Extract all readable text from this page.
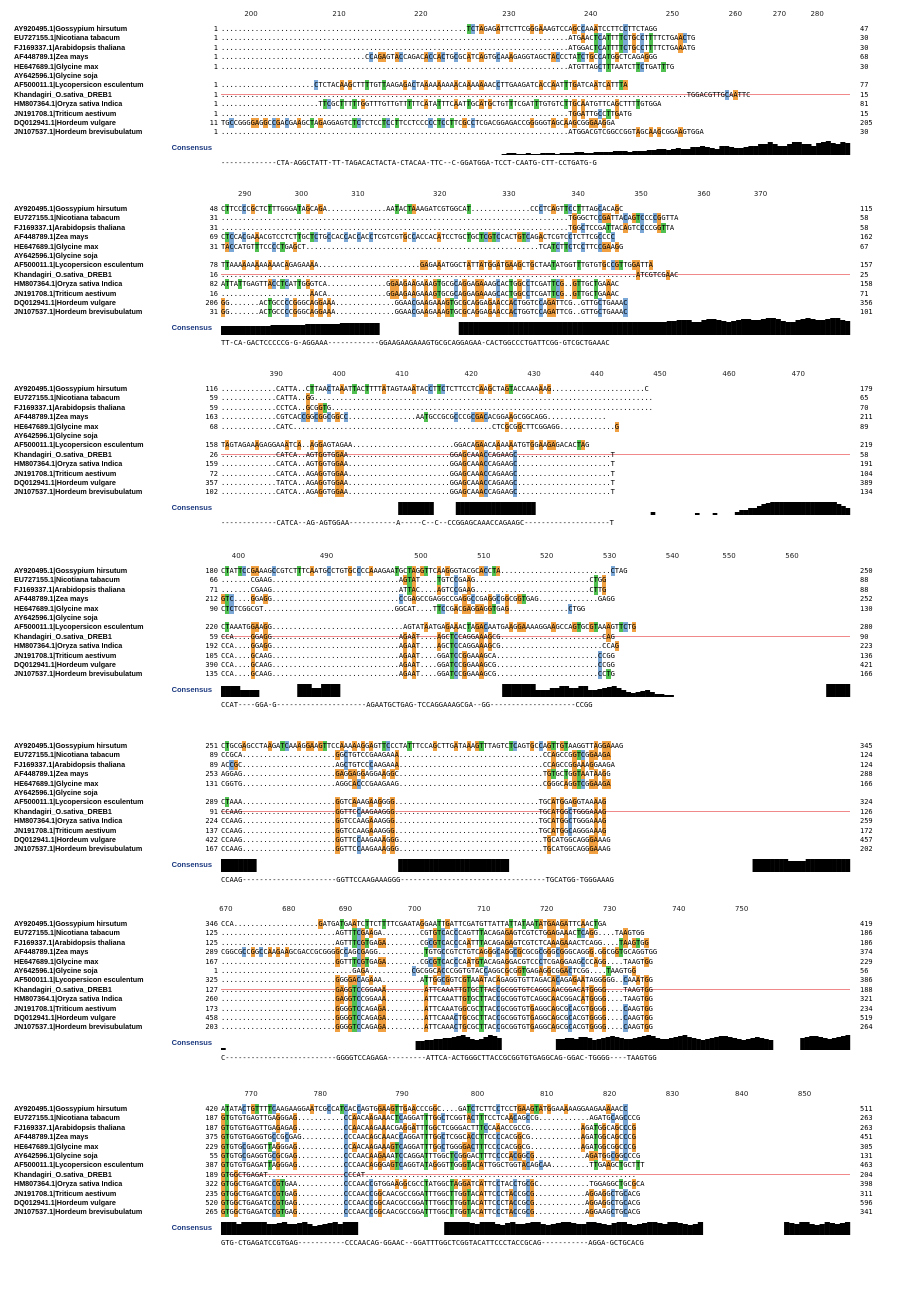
200	210	220	230	240	250	260	270	280
AY920495.1|Gossypium hirsutum	1 ..........................................................TCTAGAGATTCTTCGGGAAAGTCCAGCCAAATCCTTCCTTCTAGG	47
EU727155.1|Nicotiana tabacum	1 ..................................................................................ATGAACTCATTTTCTGCCTTTTCTGAACTG	30
FJ169337.1|Arabidopsis thaliana	1 ..................................................................................ATGGACTCATTTTCTGCCTTTTCTGAAATG	30
AF448789.1|Zea mays	1 ..................................CCAGAGTACCAGACACCACTGCGCATCAGTGCAAAGAGGTAGCTACCCTATCTGCCATGGCTCAGAGGG	68
HE647689.1|Glycine max	1 ..................................................................................ATGTTAGCTTTAATCTTCTGATTTG	30
AY642596.1|Glycine soja
AF500011.1|Lycopersicon esculentum	1 ......................CTCTACAAGCTTTTGTTAAGAGACTAAAAAAAAACAAAAAAACCTTGAAGATCACCAATTTGATCAATCATTTA	77
Khandagiri_O.sativa_DREB1	1 ..............................................................................................................TGGACGTTGCAATTC	15
HM807364.1|Oryza sativa Indica	1 .......................TTCGCTTTTTGGTTTGTTGTTTTTCATATTTCAATTGCATGCTGTTTCGATTTGTGTCTTGCAATGTTCAGCTTTTGTGGA	81
JN191708.1|Triticum aestivum	1 ..................................................................................TGGATTGCCTTGATG	15
DQ012941.1|Hordeum vulgare	11 TGCCGGGGAGGCCGACGAAGCTAGAGGAGTCTCTCTCCTCCTTCCTCCCCCTCCTTCGCCTCGACGGAGACCGGGGGTAGCAAGCGGGAAGGA	205
JN107537.1|Hordeum brevisubulatum	1 ..................................................................................ATGGACGTCGGCCGGTAGCAAGCGGAAGTGGA	30
Consensus
-------------CTA-AGGCTATT-TT-TAGACACTACTA-CTACAA-TTC--C-GGATGGA-TCCT-CAATG-CTT-CCTGATG-G
290	300	310	320	330	340	350	360	370
AY920495.1|Gossypium hirsutum	48 CTTCCCCGCTCTTTGGGATAGCAGA..............AATACTAAAGATCGTGGCAT..............CCCTCAGTTCCTTTAGCACAGC	115
EU727155.1|Nicotiana tabacum	31 ..................................................................................TGGGCTCCGATTACAGTCCCCGGTTA	58
FJ169337.1|Arabidopsis thaliana	31 ..................................................................................TGGCTCCGATTACAGTCCCCGGTTA	58
AF448789.1|Zea mays	69 CTCCACGAAACGTCCTCTTGCTCTGCCACCACCACCTCGTCGTGCCACCACATCCTGCTGCTCGTCCACTGTCAGACTCGTCCTCTTCGCCCC	162
HE647689.1|Glycine max	31 TACCATGTTTCCCCTGAGCT.......................................................TCATCTTCTCCTTCCGAAGG	67
AY642596.1|Glycine soja
AF500011.1|Lycopersicon esculentum	78 TTAAAAAAAAAAAACAGAGAAAA........................GAGAAATGGCTATTATGGATGAAGCTGCTAATATGGTTTGTGTGCCGTTGGATTA	157
Khandagiri_O.sativa_DREB1	16 ..................................................................................................ATCGTCGAAC	25
HM807364.1|Oryza sativa Indica	82 ATTATTGAGTTACCTCATTGGGTCA..............GGAAGAAGAAAGTGCGCAGGAGAAAGCACTGGCCTCGATTCG..GTTGCTGAAAC	158
JN191708.1|Triticum aestivum	16 .....................AACA..............GGAAGAAGAAAGTGCGCAGGAGAAAGCACTGGCCTCGATTCG..GTTGCTGAAAC	71
DQ012941.1|Hordeum vulgare	206 GG.......ACTGCCCCGGGCAGGAAA..............GGAACGAAGAAAGTGCGCAGGAGAACCACTGGTCCAGATTCG..GTTGCTGAAAC	356
JN107537.1|Hordeum brevisubulatum	31 GG.......ACTGCCCCGGGCAGGAAA..............GGAACGAAGAAAGTGCGCAGGAGAACCACTGGTCCAGATTCG..GTTGCTGAAAC	101
Consensus
TT-CA-GACTCCCCCG-G-AGGAAA------------GGAAGAAGAAAGTGCGCAGGAGAA-CACTGGCCCTGATTCGG-GTCGCTGAAAC
390	400	410	420	430	440	450	460	470
AY920495.1|Gossypium hirsutum	116 .............CATTA..CTTAACTAAATTACTTTTATAGTAAATACCTTCTCTTCCTCAAGCTAGTACCAAAAAG......................C	179
EU727155.1|Nicotiana tabacum	59 .............CATTA..GG................................................................................	65
FJ169337.1|Arabidopsis thaliana	59 .............CCTCA..GCGGTG............................................................................	70
AF448789.1|Zea mays	163 .............CGTCACCGGCGGCGGCC................AATGCCGCGCCCGCGACACGGAAGCGGCAGG..............	211
HE647689.1|Glycine max	68 .............CATC...............................................CTCGCGGCTTCGGAGG.............G	89
AY642596.1|Glycine soja
AF500011.1|Lycopersicon esculentum	158 TAGTAGAAAGAGGAAATCA..AGGAGTAGAA........................GGACAGAACAAAAAATGTGGAAGAGACACTAG	219
Khandagiri_O.sativa_DREB1	26 .............CATCA..AGTGGTGGAA........................GGAGCAAACCAGAAGC......................T	58
HM807364.1|Oryza sativa Indica	159 .............CATCA..AGTGGTGGAA........................GGAGCAAACCAGAAGC......................T	191
JN191708.1|Triticum aestivum	72 .............CATCA..AGAGGTGGAA........................GGAGCAAACCAGAAGC......................T	104
DQ012941.1|Hordeum vulgare	357 .............TATCA..AGAGGTGGAA........................GGAGCAAACCAGAAGC......................T	389
JN107537.1|Hordeum brevisubulatum	102 .............CATCA..AGAGGTGGAA........................GGAGCAAACCAGAAGC......................T	134
Consensus
-------------CATCA--AG-AGTGGAA-----------A-----C--C--CCGGAGCAAACCAGAAGC--------------------T
400	490	500	510	520	530	540	550	560
AY920495.1|Gossypium hirsutum	180 CTATTCCGAAAGCCGTCTTTCAATGCCTGTGCCCCAAAGAATGCTAGGTTCAAGGGTACGCACCTA..........................CTAG	250
EU727155.1|Nicotiana tabacum	66 .......CGAAG..............................AGTAT....TGTCCGAAG...........................CTGG	88
FJ169337.1|Arabidopsis thaliana	71 .......CGAAG..............................ATTAC....AGTCCGAAG...........................CTTG	88
AF448789.1|Zea mays	212 GTC....GGAGG..............................CCGAGCCGAGGCCGAGGCCGAGGCGGCGGTGAG..............GAGG	252
HE647689.1|Glycine max	90 CTCTCGGCGT...............................GGCAT....TTCCGACGAGGAGGTGAG..............CTGG	130
AY642596.1|Glycine soja
AF500011.1|Lycopersicon esculentum	220 CTAAATGGAAGG...............................AGTATAATGAGAAACTAGACAATGAAGGAAAAGGAAGCCAGTGCGTAAAGTTCTG	280
Khandagiri_O.sativa_DREB1	59 CCA....GGAGG..............................AGAAT....AGCTCCAGGAAAGCG........................CAG	90
HM807364.1|Oryza sativa Indica	192 CCA....GGAGG..............................AGAAT....AGCTCCAGGAAAGCG........................CCAG	223
JN191708.1|Triticum aestivum	105 CCA....GCAAG..............................AGAAT....GGATCCGGAAAGCA........................CCGG	136
DQ012941.1|Hordeum vulgare	390 CCA....GCAAG..............................AGAAT....GGATCCGGAAAGCG........................CCGG	421
JN107537.1|Hordeum brevisubulatum	135 CCA....GCAAG..............................AGAAT....GGATCCGGAAAGCG........................CCTG	166
Consensus
CCAT----GGA-G---------------------AGAATGCTGAG-TCCAGGAAAGCGA--GG--------------------CCGG
AY920495.1|Gossypium hirsutum	251 CTGCGAGCCTAAGATCAAAGGAAGTTCCAAAAAGGAGTTCCCTATTTCCAGCTTGATAAAGTTTAGTCTCAGTGCCAGTTGTAAGGTTAGGAAAG	345
EU727155.1|Nicotiana tabacum	89 CCGCA......................GGCTGTCCGAAGAAA..................................CCAGCCGGTCGGAAGA	124
FJ169337.1|Arabidopsis thaliana	89 ACCGC......................AGCTGTCCCAAGAAA..................................CCAGCCGGAAAGGAAGA	124
AF448789.1|Zea mays	253 AGGAG......................GAGGAGGAGGAAGGC..................................TGTGCTGGTAATAAGG	288
HE647689.1|Glycine max	131 CGGTG......................AGGCACCCGAAGAAG..................................CGGGCAGGTCGGAAGA	166
AY642596.1|Glycine soja
AF500011.1|Lycopersicon esculentum	289 CTAAA......................GGTCAAAGAAGGGG..................................TGCATGGAGGTAAAAG	324
Khandagiri_O.sativa_DREB1	91 CCAAG......................GGTTCCAAGAAGGG..................................TGCATGGCTGGGAAAG	126
HM807364.1|Oryza sativa Indica	224 CCAAG......................GGTCCAAGAAAGGG..................................TGCATGGCTGGGAAAG	259
JN191708.1|Triticum aestivum	137 CCAAG......................GGTCCAAGAAAGGG..................................TGCATGGCAGGGAAAG	172
DQ012941.1|Hordeum vulgare	422 CCAAG......................GGTTCCAAGAAAGGG..................................TGCATGGCAGGGAAAG	457
JN107537.1|Hordeum brevisubulatum	167 CCAAG......................GGTTCCAAGAAAGGG..................................TGCATGGCAGGGAAAG	202
Consensus
CCAAG----------------------GGTTCCAAGAAAGGG----------------------------------TGCATGG-TGGGAAAG
670	680	690	700	710	720	730	740	750
AY920495.1|Gossypium hirsutum	346 CCA....................GATGATGAATCTTCTTTTCGAATAGGAATTGATTCGATGTTATTATTATAATATGAAGATTCAACTGA	419
EU727155.1|Nicotiana tabacum	125 ...........................AGTTTCGAAGA.........CGTGTCACCCAGTTTACAGAGAGTCGTCTGGAGAAACTCAGG....TAAGTGG	186
FJ169337.1|Arabidopsis thaliana	125 ...........................AGTTTCGTGAGA........CGCGTCACCCAATTTACAGAGAGTCGTCTCAAAGAAACTCAGG....TAAGTGG	186
AF448789.1|Zea mays	289 CGGCGCCGGCCAAGAAGCGACCGCGGGGCCAGCGAGG...........TGTGCCGTCTGTCAGGGCAGGCGCGCGCGGGCGGGCAGGG.GGCGGTGCAGGTGG	374
HE647689.1|Glycine max	167 ...........................GGTTTCGTGAGA........CGCGTCACCCAATGTACAGAGGACGTCCCTCGAGGAAGCCCAGG....TAAGTGG	229
AY642596.1|Glycine soja	1 ...............................GAGA..........CGCGGCACCCGGTGTACCAGGCGCGGTGAGAGGCGGACTCGG....TAAGTGG	56
AF500011.1|Lycopersicon esculentum	325 ...........................GGGGACAGAAA.........ATTGGCGGTCGTAAATACAGAGGTGTTAGACACAGAGAATAGGGGG..CAAATGG	386
Khandagiri_O.sativa_DREB1	127 ...........................GAGGTCCGGAAA.........ATTCAAATTGTGCTTACCGCGGTGTCAGGCAACGGACATGGGG....TAAGTGG	188
HM807364.1|Oryza sativa Indica	260 ...........................GAGGTCCGGAAA.........ATTCAAATTGTGCTTACCGCGGTGTCAGGCAACGGACATGGGG....TAAGTGG	321
JN191708.1|Triticum aestivum	173 ...........................GGGGTCCAGAGA.........ATTCAAATGGCGCTTACCGCGGTGTGAGGCAGCGCACGTGGGG....CAAGTGG	234
DQ012941.1|Hordeum vulgare	458 ...........................GGGGTCCAGAGA.........ATTCAAACTGCGCTTACCGCGGTGTGAGGCAGCGCACGTGGGG....CAAGTGG	519
JN107537.1|Hordeum brevisubulatum	203 ...........................GGGGTCCAGAGA.........ATTCAAACTGCGCTTACCGCGGTGTGAGGCAGCGCACGTGGGG....CAAGTGG	264
Consensus
C--------------------------GGGGTCCAGAGA---------ATTCA-ACTGGGCTTACCGCGGTGTGAGGCAG-GGAC-TGGGG----TAAGTGG
770	780	790	800	810	820	830	840	850
AY920495.1|Gossypium hirsutum	420 ATATACTGTTTTCAAGAAGGAATCGCCATCACCAGTGGAAGTTGAACCCGGC....GATCTCTTCCTCCTGAAGTATGGAAAAAGGAAGAAAAACC	511
EU727155.1|Nicotiana tabacum	187 GTGTGTGAGTTGAGGGAG...........CCAACAAGAAACTCAGGATTTGGCTCGGTACTTTCCTCAACAGCCG............AGATGCAGCCCG	263
FJ169337.1|Arabidopsis thaliana	187 GTGTGTGAGTTGAGAGAG...........CCAACAAGAAACGAGGATTTGGCTCGGGACTTTCCAAACCGCCG............AGATGGCAGCCCG	263
AF448789.1|Zea mays	375 GTGTGTGAGGTGCCGCGAG..........CCCAACAGCAAACCAGGATTTGGCTCGGCACCTTCCCCACGGCG............AGATGGCAGCCCG	451
HE647689.1|Glycine max	229 GTGTGCGAGGTTAGGGAG...........CCAACAAGAAAGTCAGGATTTGGCTGGGGACTTTCCCCACGGCG............AGATGGCGGCCCG	305
AY642596.1|Glycine soja	55 GTGTGCGAGGTGCGCGAG...........CCCAACAAGAAATCCAGGATTTGGCTCGGGACTTTCCCCACGGCG............AGATGGCGGCCCG	131
AF500011.1|Lycopersicon esculentum	387 GTGTGTGAGATTAGGGAG...........CCCAACAGGGAGTCAGGTATAGGGTTGGGTACATTGGCTGGTACAGCAA.........TTGAAGCTGCTTT	463
Khandagiri_O.sativa_DREB1	189 GTGGCTGAGAT..................CCCAT................................................................	204
HM807364.1|Oryza sativa Indica	322 GTGGCTGAGATCCGTGAA...........CCCAACCGTGGAAGGCGCCTATGGCTAGGATCATTCCTACCTGCGC............TGGAGGCTGCGCA	398
JN191708.1|Triticum aestivum	235 GTGGCTGAGATCCGTGAG...........CCCAACCGGCAACGCCGGATTTGGCTTGGTACATTCCCTACCGCG............AGGAGGCTGCACG	311
DQ012941.1|Hordeum vulgare	520 GTGGCTGAGATCCGTGAG...........CCCAACCGGCAACGCCGGATTTGGCTTGGTACATTCCCTACCGCG............AGGAGGCTGCACG	596
JN107537.1|Hordeum brevisubulatum	265 GTGGCTGAGATCCGTGAG...........CCCAACCGGCAACGCCGGATTTGGCTTGGTACATTCCCTACCGCG............AGGAAGCTGCACG	341
Consensus
GTG-CTGAGATCCGTGAG-----------CCCAACAG-GGAAC--GGATTTGGCTCGGTACATTCCCTACCGCAG-----------AGGA-GCTGCACG
